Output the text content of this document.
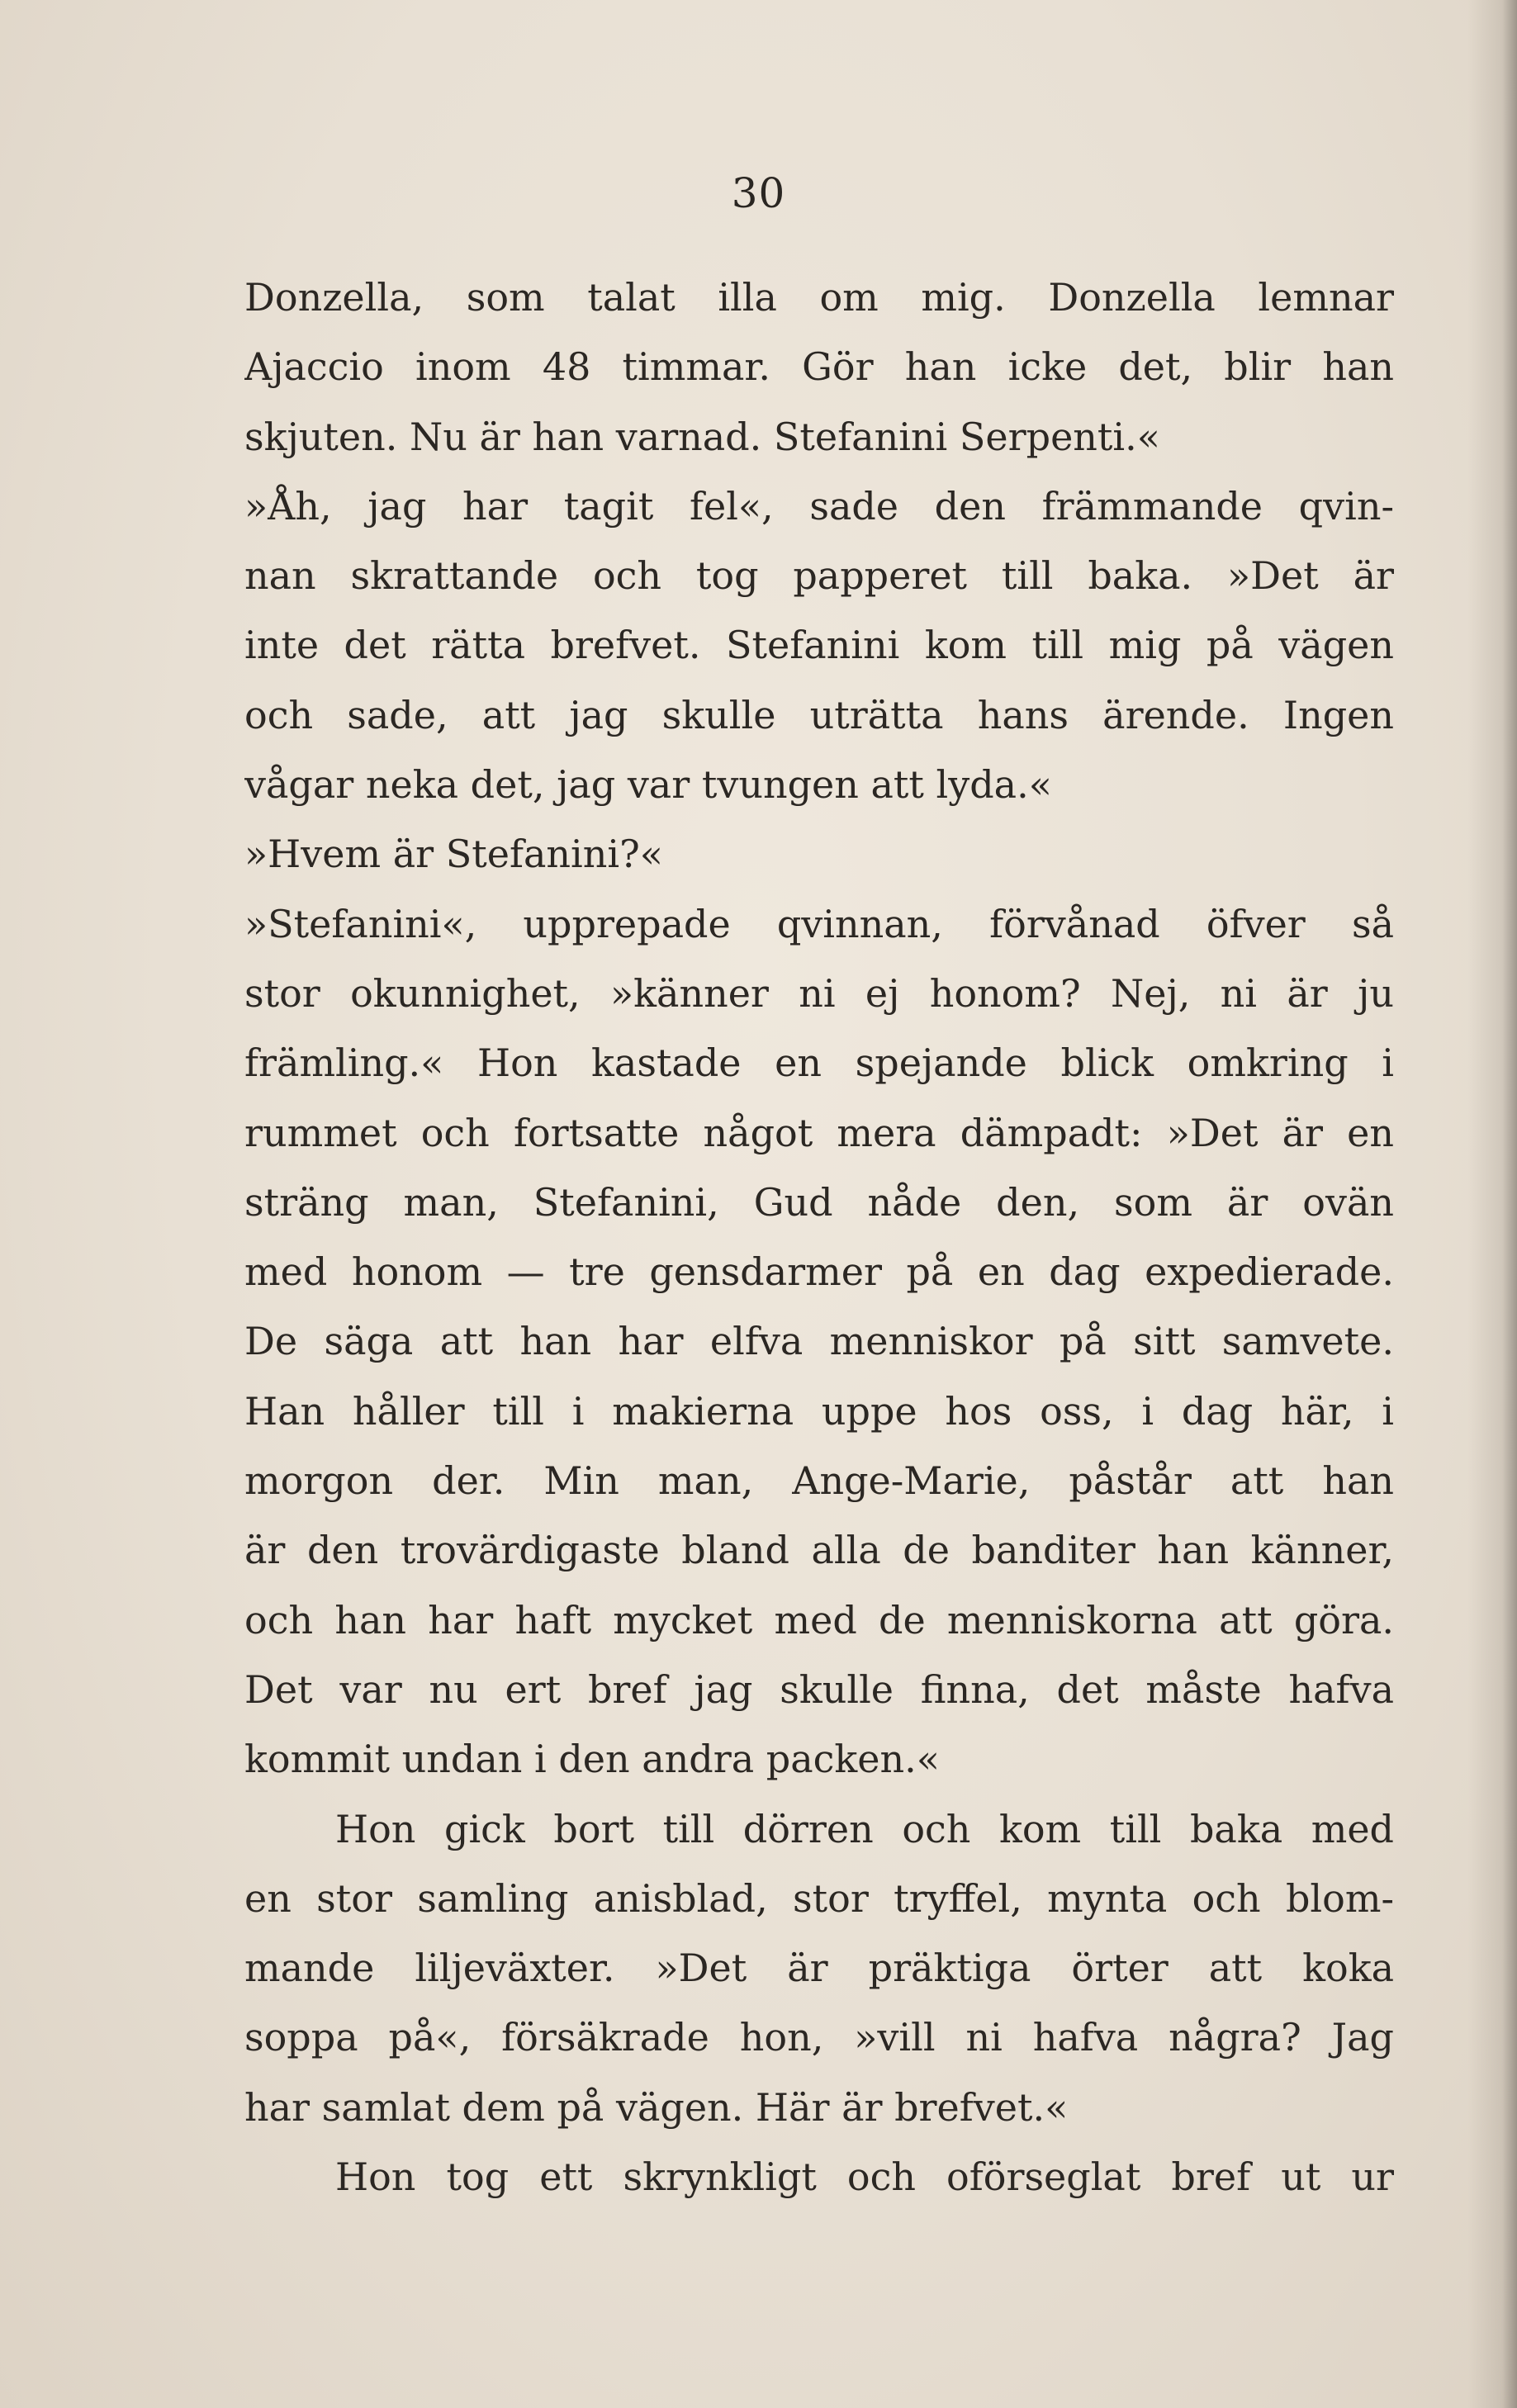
30
Donzella, som talat illa om mig. Donzella lemnar
Ajaccio inom 48 timmar. Gör han icke det, blir han
skjuten. Nu är han varnad. Stefanini Serpenti.«
»Åh, jag har tagit fel«, sade den främmande qvin-
nan skrattande och tog papperet till baka. »Det är
inte det rätta brefvet. Stefanini kom till mig på vägen
och sade, att jag skulle uträtta hans ärende. Ingen
vågar neka det, jag var tvungen att lyda.«
»Hvem är Stefanini?«
»Stefanini«, upprepade qvinnan, förvånad öfver så
stor okunnighet, »känner ni ej honom? Nej, ni är ju
främling.« Hon kastade en spejande blick omkring i
rummet och fortsatte något mera dämpadt: »Det är en
sträng man, Stefanini, Gud nåde den, som är ovän
med honom — tre gensdarmer på en dag expedierade.
De säga att han har elfva menniskor på sitt samvete.
Han håller till i makierna uppe hos oss, i dag här, i
morgon der. Min man, Ange-Marie, påstår att han
är den trovärdigaste bland alla de banditer han känner,
och han har haft mycket med de menniskorna att göra.
Det var nu ert bref jag skulle finna, det måste hafva
kommit undan i den andra packen.«
Hon gick bort till dörren och kom till baka med
en stor samling anisblad, stor tryffel, mynta och blom-
mande liljeväxter. »Det är präktiga örter att koka
soppa på«, försäkrade hon, »vill ni hafva några? Jag
har samlat dem på vägen. Här är brefvet.«
Hon tog ett skrynkligt och oförseglat bref ut ur
